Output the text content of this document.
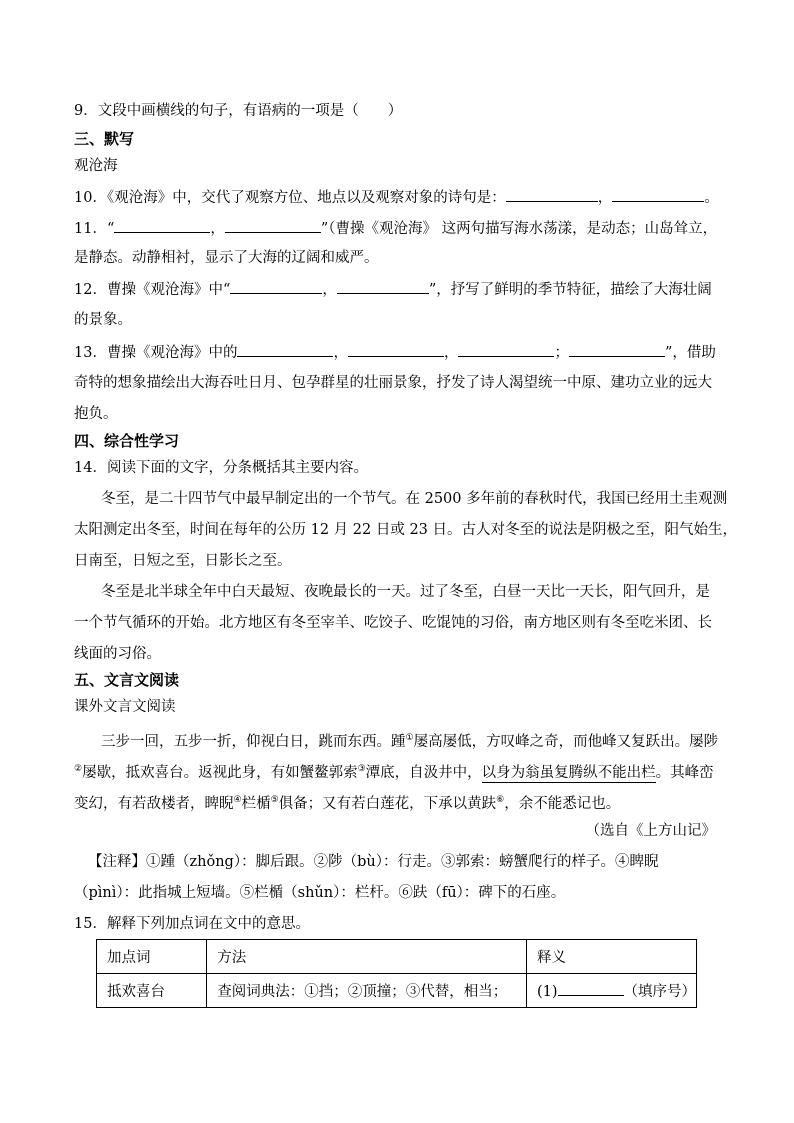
9．文段中画横线的句子，有语病的一项是（　　）
三、默写
观沧海
10．《观沧海》中，交代了观察方位、地点以及观察对象的诗句是：	，	。
11．“	，	”（曹操《观沧海》 这两句描写海水荡漾，是动态；山岛耸立，
是静态。动静相衬，显示了大海的辽阔和威严。
12．曹操《观沧海》中“	，	”，抒写了鲜明的季节特征，描绘了大海壮阔
的景象。
13．曹操《观沧海》中的	，	，	；	”，借助
奇特的想象描绘出大海吞吐日月、包孕群星的壮丽景象，抒发了诗人渴望统一中原、建功立业的远大
抱负。
四、综合性学习
14．阅读下面的文字，分条概括其主要内容。
冬至，是二十四节气中最早制定出的一个节气。在 2500 多年前的春秋时代，我国已经用土圭观测
太阳测定出冬至，时间在每年的公历 12 月 22 日或 23 日。古人对冬至的说法是阴极之至，阳气始生，
日南至，日短之至，日影长之至。
冬至是北半球全年中白天最短、夜晚最长的一天。过了冬至，白昼一天比一天长，阳气回升，是
一个节气循环的开始。北方地区有冬至宰羊、吃饺子、吃馄饨的习俗，南方地区则有冬至吃米团、长
线面的习俗。
五、文言文阅读
课外文言文阅读
三步一回，五步一折，仰视白日，跳而东西。踵①屡高屡低，方叹峰之奇，而他峰又复跃出。屡陟
②屡歇，抵欢喜台。返视此身，有如蟹鳌郭索③潭底，自汲井中，以身为翁虽复腾纵不能出栏。其峰峦
变幻，有若敌楼者，睥睨④栏楯⑤俱备；又有若白莲花，下承以黄趺⑥，余不能悉记也。
（选自《上方山记》
【注释】①踵（zhǒng）：脚后跟。②陟（bù）：行走。③郭索：螃蟹爬行的样子。④睥睨
（pìnì）：此指城上短墙。⑤栏楯（shǔn）：栏杆。⑥趺（fū）：碑下的石座。
15．解释下列加点词在文中的意思。
加点词	方法	释义
抵欢喜台	查阅词典法：①挡；②顶撞；③代替，相当；	(1) （填序号）
